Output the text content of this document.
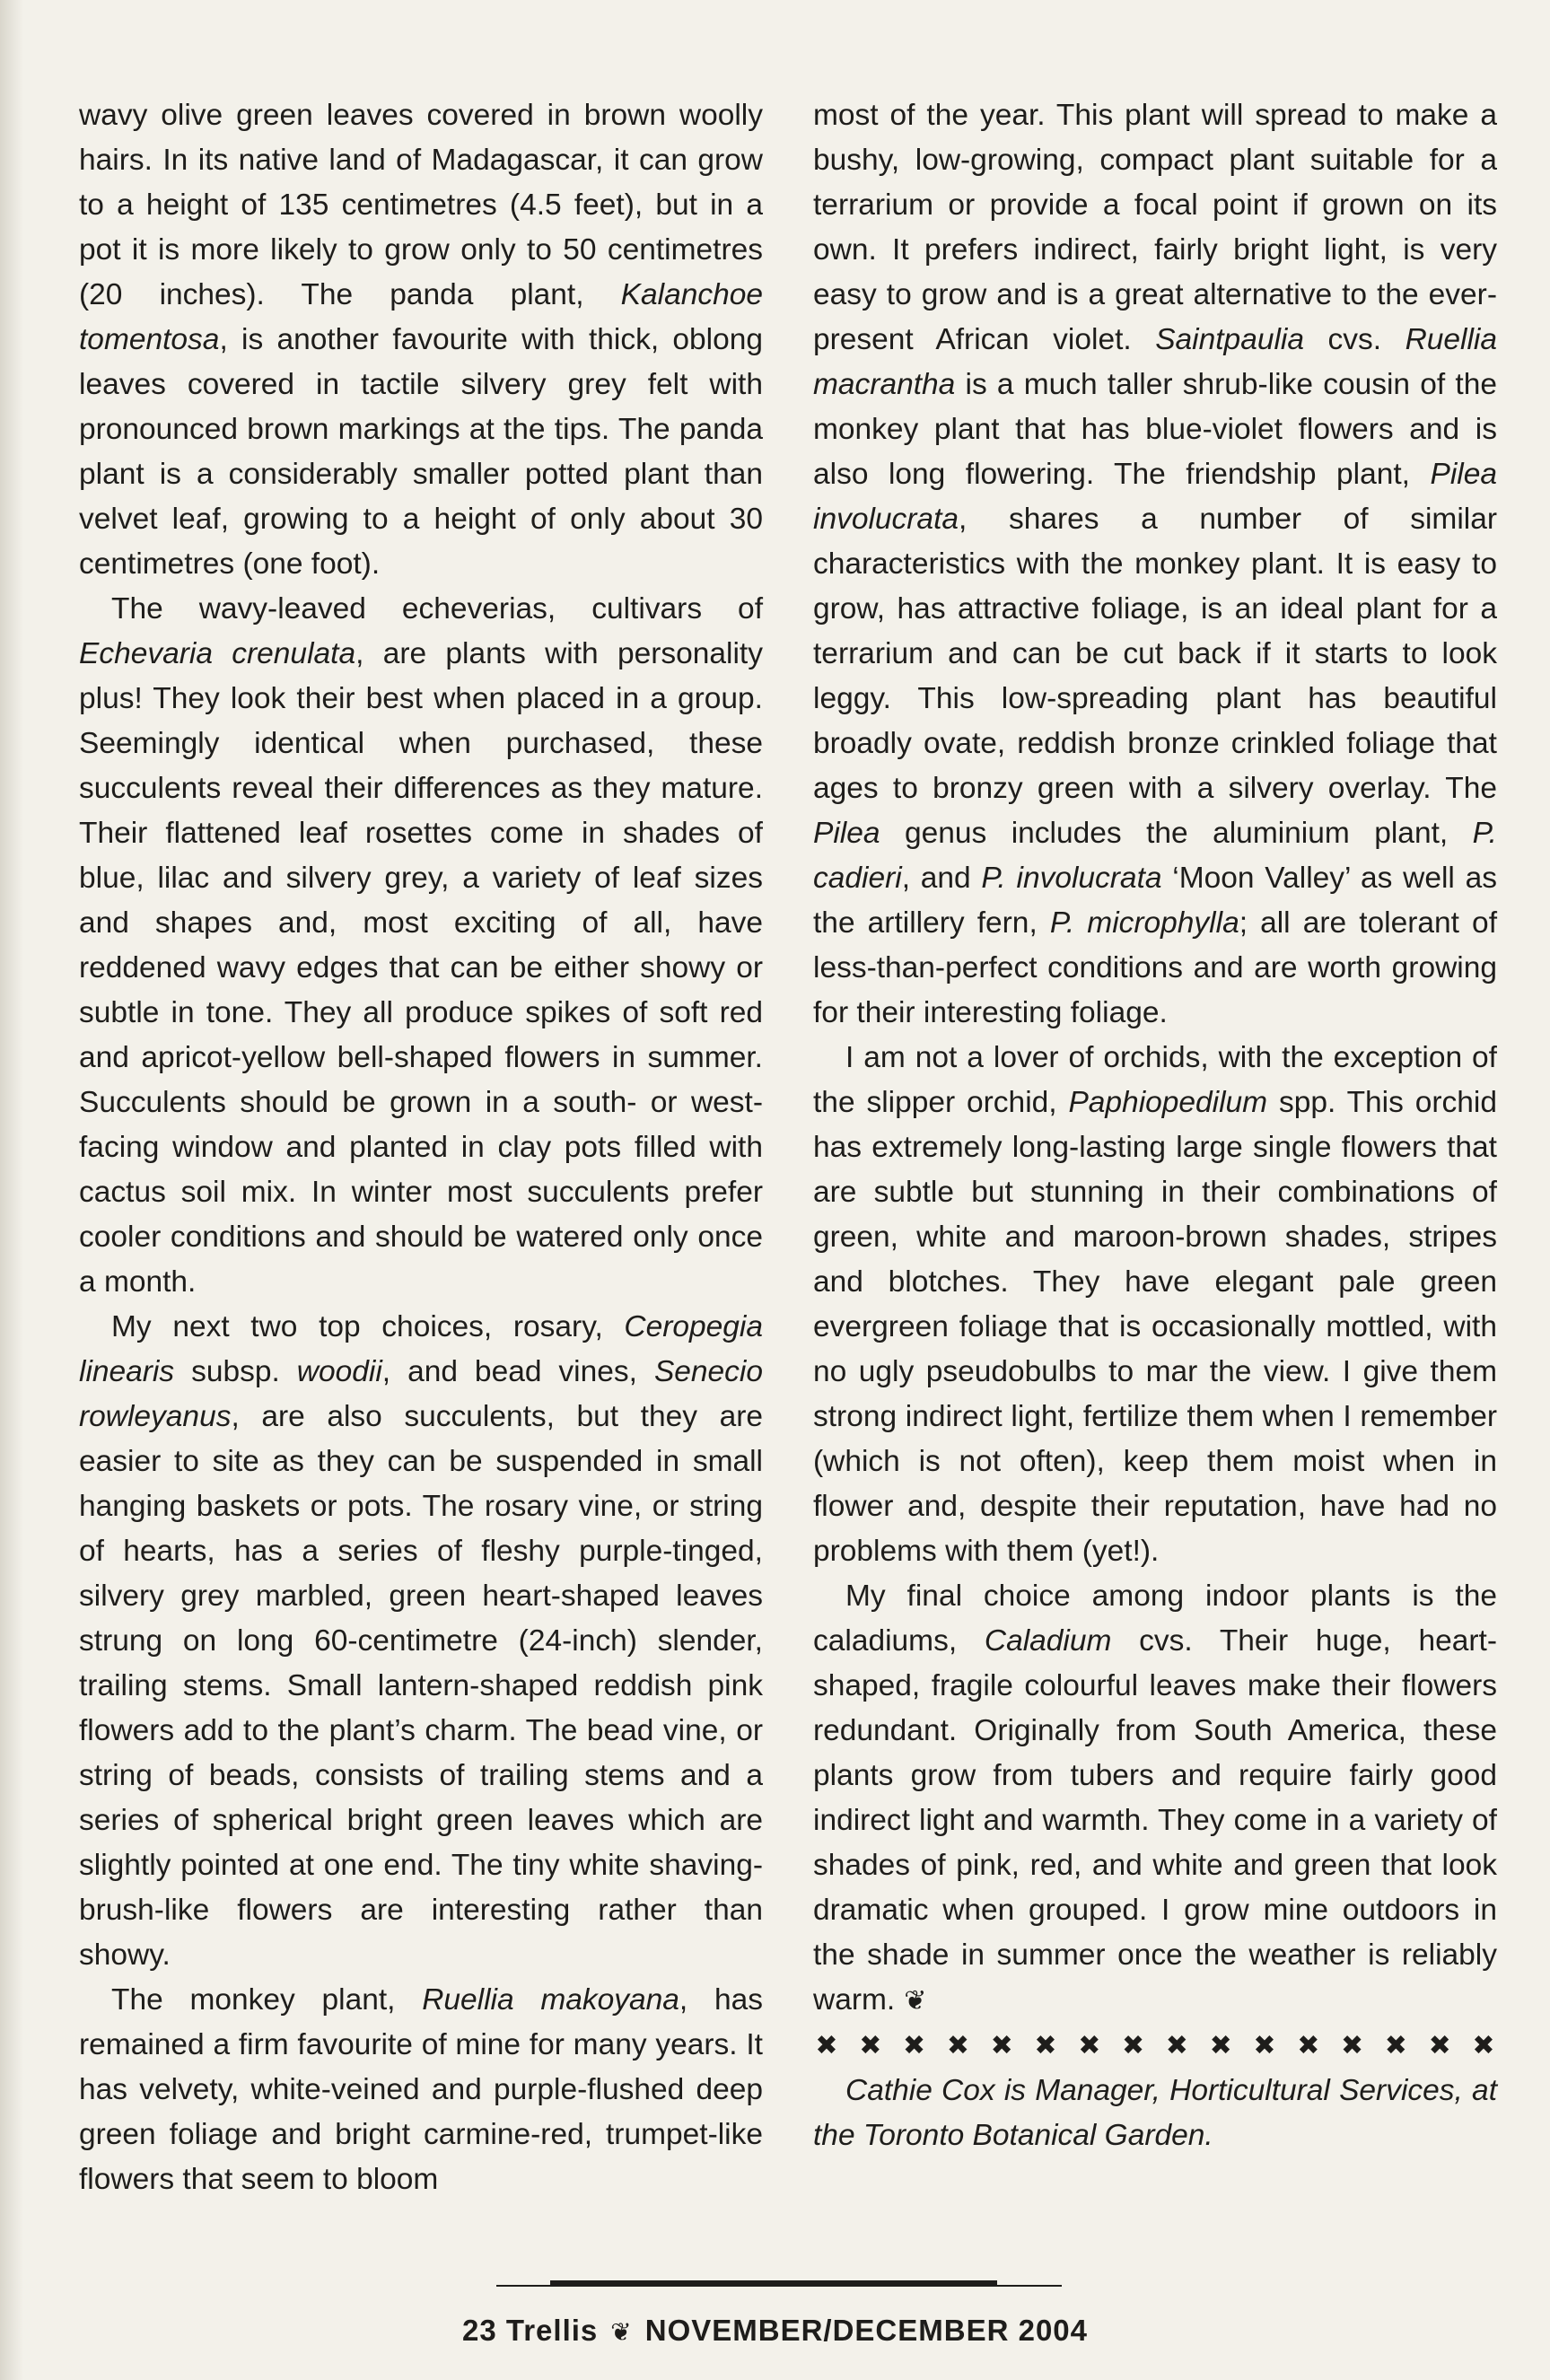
wavy olive green leaves covered in brown woolly hairs. In its native land of Madagascar, it can grow to a height of 135 centimetres (4.5 feet), but in a pot it is more likely to grow only to 50 centimetres (20 inches). The panda plant, Kalanchoe tomentosa, is another favourite with thick, oblong leaves covered in tactile silvery grey felt with pronounced brown markings at the tips. The panda plant is a considerably smaller potted plant than velvet leaf, growing to a height of only about 30 centimetres (one foot).

The wavy-leaved echeverias, cultivars of Echevaria crenulata, are plants with personality plus! They look their best when placed in a group. Seemingly identical when purchased, these succulents reveal their differences as they mature. Their flattened leaf rosettes come in shades of blue, lilac and silvery grey, a variety of leaf sizes and shapes and, most exciting of all, have reddened wavy edges that can be either showy or subtle in tone. They all produce spikes of soft red and apricot-yellow bell-shaped flowers in summer. Succulents should be grown in a south- or west-facing window and planted in clay pots filled with cactus soil mix. In winter most succulents prefer cooler conditions and should be watered only once a month.

My next two top choices, rosary, Ceropegia linearis subsp. woodii, and bead vines, Senecio rowleyanus, are also succulents, but they are easier to site as they can be suspended in small hanging baskets or pots. The rosary vine, or string of hearts, has a series of fleshy purple-tinged, silvery grey marbled, green heart-shaped leaves strung on long 60-centimetre (24-inch) slender, trailing stems. Small lantern-shaped reddish pink flowers add to the plant’s charm. The bead vine, or string of beads, consists of trailing stems and a series of spherical bright green leaves which are slightly pointed at one end. The tiny white shaving-brush-like flowers are interesting rather than showy.

The monkey plant, Ruellia makoyana, has remained a firm favourite of mine for many years. It has velvety, white-veined and purple-flushed deep green foliage and bright carmine-red, trumpet-like flowers that seem to bloom

most of the year. This plant will spread to make a bushy, low-growing, compact plant suitable for a terrarium or provide a focal point if grown on its own. It prefers indirect, fairly bright light, is very easy to grow and is a great alternative to the ever-present African violet. Saintpaulia cvs. Ruellia macrantha is a much taller shrub-like cousin of the monkey plant that has blue-violet flowers and is also long flowering. The friendship plant, Pilea involucrata, shares a number of similar characteristics with the monkey plant. It is easy to grow, has attractive foliage, is an ideal plant for a terrarium and can be cut back if it starts to look leggy. This low-spreading plant has beautiful broadly ovate, reddish bronze crinkled foliage that ages to bronzy green with a silvery overlay. The Pilea genus includes the aluminium plant, P. cadieri, and P. involucrata ‘Moon Valley’ as well as the artillery fern, P. microphylla; all are tolerant of less-than-perfect conditions and are worth growing for their interesting foliage.

I am not a lover of orchids, with the exception of the slipper orchid, Paphiopedilum spp. This orchid has extremely long-lasting large single flowers that are subtle but stunning in their combinations of green, white and maroon-brown shades, stripes and blotches. They have elegant pale green evergreen foliage that is occasionally mottled, with no ugly pseudobulbs to mar the view. I give them strong indirect light, fertilize them when I remember (which is not often), keep them moist when in flower and, despite their reputation, have had no problems with them (yet!).

My final choice among indoor plants is the caladiums, Caladium cvs. Their huge, heart-shaped, fragile colourful leaves make their flowers redundant. Originally from South America, these plants grow from tubers and require fairly good indirect light and warmth. They come in a variety of shades of pink, red, and white and green that look dramatic when grouped. I grow mine outdoors in the shade in summer once the weather is reliably warm. ❦

✖ ✖ ✖ ✖ ✖ ✖ ✖ ✖ ✖ ✖ ✖ ✖ ✖ ✖ ✖ ✖

Cathie Cox is Manager, Horticultural Services, at the Toronto Botanical Garden.

23 Trellis ❦ NOVEMBER/DECEMBER 2004
